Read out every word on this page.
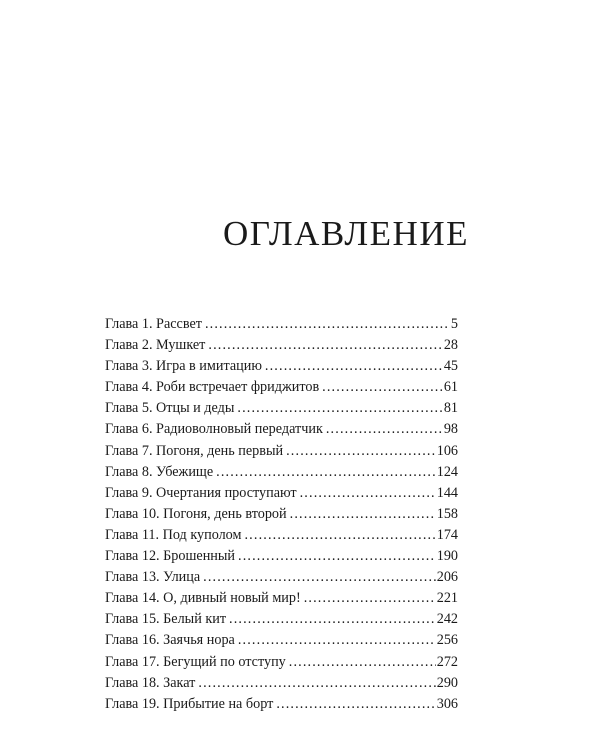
ОГЛАВЛЕНИЕ
Глава 1. Рассвет . . .	5
Глава 2. Мушкет . . .	28
Глава 3. Игра в имитацию . . .	45
Глава 4. Роби встречает фриджитов . . .	61
Глава 5. Отцы и деды . . .	81
Глава 6. Радиоволновый передатчик . . .	98
Глава 7. Погоня, день первый . . .	106
Глава 8. Убежище . . .	124
Глава 9. Очертания проступают . . .	144
Глава 10. Погоня, день второй . . .	158
Глава 11. Под куполом . . .	174
Глава 12. Брошенный . . .	190
Глава 13. Улица . . .	206
Глава 14. О, дивный новый мир! . . .	221
Глава 15. Белый кит . . .	242
Глава 16. Заячья нора . . .	256
Глава 17. Бегущий по отступу . . .	272
Глава 18. Закат . . .	290
Глава 19. Прибытие на борт . . .	306
